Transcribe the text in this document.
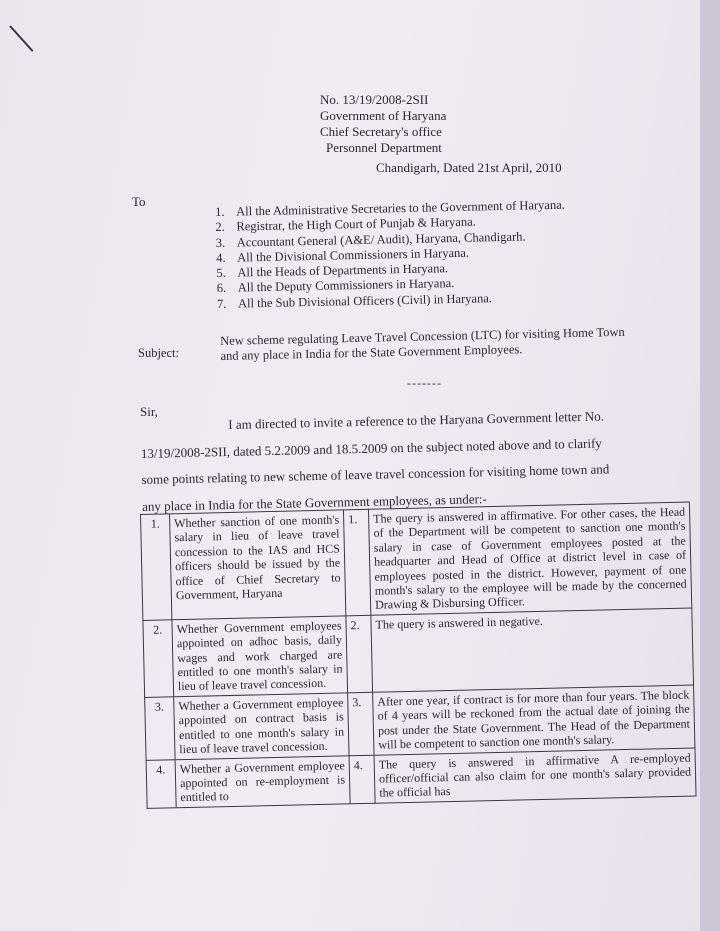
No. 13/19/2008-2SII
Government of Haryana
Chief Secretary's office
Personnel Department
Chandigarh, Dated 21st April, 2010
To
1. All the Administrative Secretaries to the Government of Haryana.
2. Registrar, the High Court of Punjab & Haryana.
3. Accountant General (A&E/ Audit), Haryana, Chandigarh.
4. All the Divisional Commissioners in Haryana.
5. All the Heads of Departments in Haryana.
6. All the Deputy Commissioners in Haryana.
7. All the Sub Divisional Officers (Civil) in Haryana.
Subject:
New scheme regulating Leave Travel Concession (LTC) for visiting Home Town and any place in India for the State Government Employees.
-------
Sir,	I am directed to invite a reference to the Haryana Government letter No.
13/19/2008-2SII, dated 5.2.2009 and 18.5.2009 on the subject noted above and to clarify
some points relating to new scheme of leave travel concession for visiting home town and
any place in India for the State Government employees, as under:-
1.	Whether sanction of one month's salary in lieu of leave travel concession to the IAS and HCS officers should be issued by the office of Chief Secretary to Government, Haryana	1.	The query is answered in affirmative. For other cases, the Head of the Department will be competent to sanction one month's salary in case of Government employees posted at the headquarter and Head of Office at district level in case of employees posted in the district. However, payment of one month's salary to the employee will be made by the concerned Drawing & Disbursing Officer.
2.	Whether Government employees appointed on adhoc basis, daily wages and work charged are entitled to one month's salary in lieu of leave travel concession.	2.	The query is answered in negative.
3.	Whether a Government employee appointed on contract basis is entitled to one month's salary in lieu of leave travel concession.	3.	After one year, if contract is for more than four years. The block of 4 years will be reckoned from the actual date of joining the post under the State Government. The Head of the Department will be competent to sanction one month's salary.
4.	Whether a Government employee appointed on re-employment is entitled to	4.	The query is answered in affirmative A re-employed officer/official can also claim for one month's salary provided the official has
